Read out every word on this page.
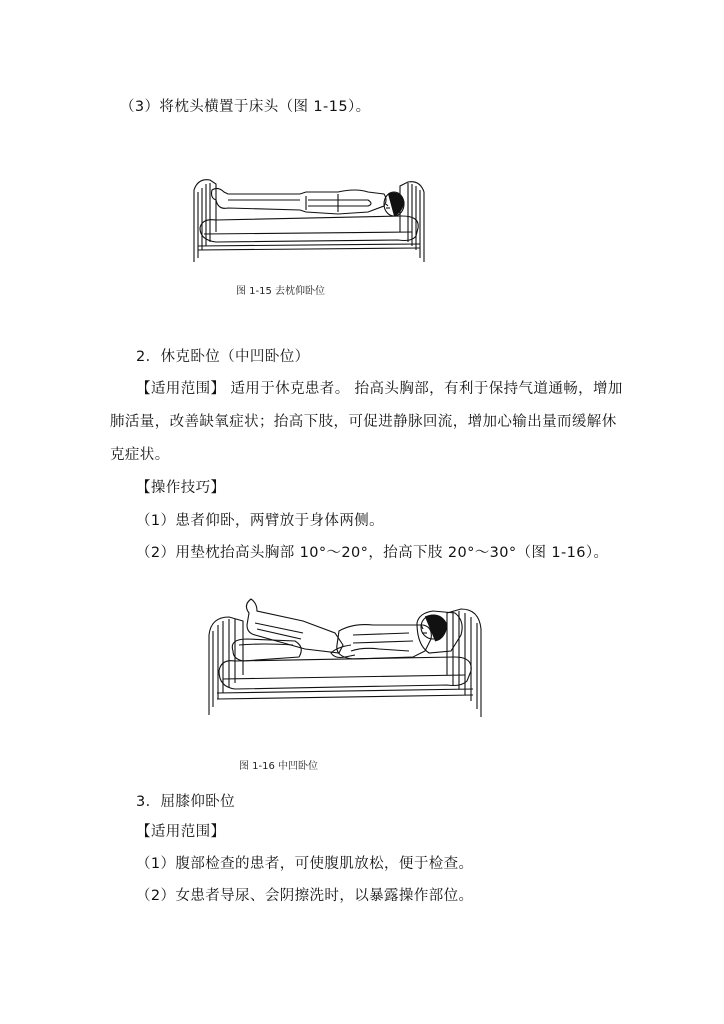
（3）将枕头横置于床头（图 1-15）。
图 1-15 去枕仰卧位
2．休克卧位（中凹卧位）
【适用范围】 适用于休克患者。 抬高头胸部，有利于保持气道通畅，增加
肺活量，改善缺氧症状；抬高下肢，可促进静脉回流，增加心输出量而缓解休
克症状。
【操作技巧】
（1）患者仰卧，两臂放于身体两侧。
（2）用垫枕抬高头胸部 10°～20°，抬高下肢 20°～30°（图 1-16）。
图 1-16 中凹卧位
3．屈膝仰卧位
【适用范围】
（1）腹部检查的患者，可使腹肌放松，便于检查。
（2）女患者导尿、会阴擦洗时，以暴露操作部位。
